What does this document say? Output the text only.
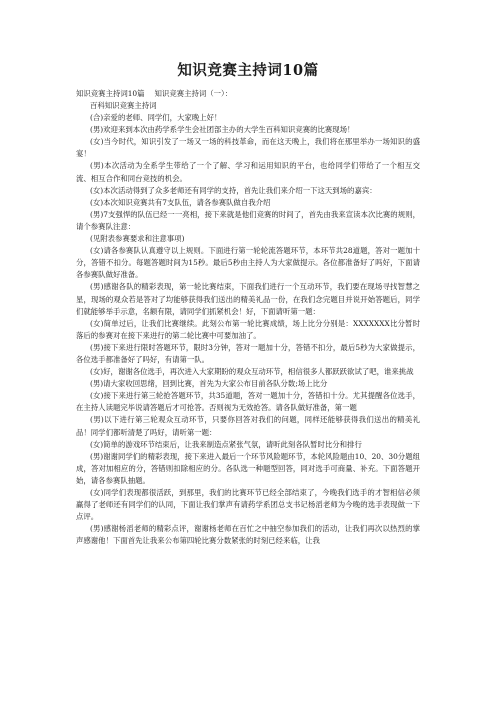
知识竞赛主持词10篇
知识竞赛主持词10篇 知识竞赛主持词（一）：

百科知识竞赛主持词

(合)亲爱的老师、同学们，大家晚上好！

(男)欢迎来到本次由药学系学生会社团部主办的大学生百科知识竞赛的比赛现场！

(女)当今时代，知识引发了一场又一场的科技革命，而在这天晚上，我们将在那里举办一场知识的盛宴！

(男)本次活动为全系学生带给了一个了解、学习和运用知识的平台，也给同学们带给了一个相互交流、相互合作和同台竞技的机会。

(女)本次活动得到了众多老师还有同学的支持，首先让我们来介绍一下这天到场的嘉宾：

(女)本次知识竞赛共有7支队伍，请各参赛队做自我介绍

(男)7支强悍的队伍已经一一亮相，接下来就是他们竞赛的时间了，首先由我来宣读本次比赛的规则，请个参赛队注意：

(见附表参赛要求和注意事项)

(女)请各参赛队认真遵守以上规则。下面进行第一轮轮流答题环节，本环节共28道题，答对一题加十分，答错不扣分。每题答题时间为15秒。最后5秒由主持人为大家做提示。各位都准备好了吗好，下面请各参赛队做好准备。

(男)感谢各队的精彩表现，第一轮比赛结束，下面我们进行一个互动环节，我们要在现场寻找智慧之星，现场的观众若是答对了均能够获得我们送出的精美礼品一份，在我们念完题目并说开始答题后，同学们就能够举手示意，名额有限，请同学们抓紧机会！好，下面请听第一题：

(女)简单过后，让我们比赛继续。此刻公布第一轮比赛成绩，场上比分分别是：XXXXXXX比分暂时落后的参赛对在接下来进行的第二轮比赛中可要加油了。

(男)接下来进行限时答题环节，限时3分钟，答对一题加十分，答错不扣分，最后5秒为大家做提示，各位选手都准备好了吗好，有请第一队。

(女)好，谢谢各位选手，再次进入大家期盼的观众互动环节，相信很多人都跃跃欲试了吧，谁来挑战

(男)请大家收回思绪，回到比赛，首先为大家公布目前各队分数;场上比分

(女)接下来进行第三轮抢答题环节，共35道题，答对一题加十分，答错扣十分。尤其提醒各位选手，在主持人读题完毕说请答题后才可抢答。否则视为无效抢答。请各队做好准备，第一题

(男)以下进行第三轮观众互动环节，只要你回答对我们的问题，同样还能够获得我们送出的精美礼品！同学们都听清楚了吗好，请听第一题：

(女)简单的游戏环节结束后，让我来制造点紧张气氛，请听此刻各队暂时比分和排行

(男)谢谢同学们的精彩表现，接下来进入最后一个环节风险题环节，本轮风险题由10、20、30分题组成，答对加相应的分，答错则扣除相应的分。各队选一种题型回答，同对选手可商量、补充。下面答题开始，请各参赛队抽题。

(女)同学们表现都很活跃，到那里，我们的比赛环节已经全部结束了，今晚我们选手的才智相信必须赢得了老师还有同学们的认同，下面让我们掌声有请药学系团总支书记杨滔老师为今晚的选手表现做一下点评。

(男)感谢杨滔老师的精彩点评，谢谢杨老师在百忙之中抽空参加我们的活动，让我们再次以热烈的掌声感谢他！下面首先让我来公布第四轮比赛分数紧张的时刻已经来临，让我
